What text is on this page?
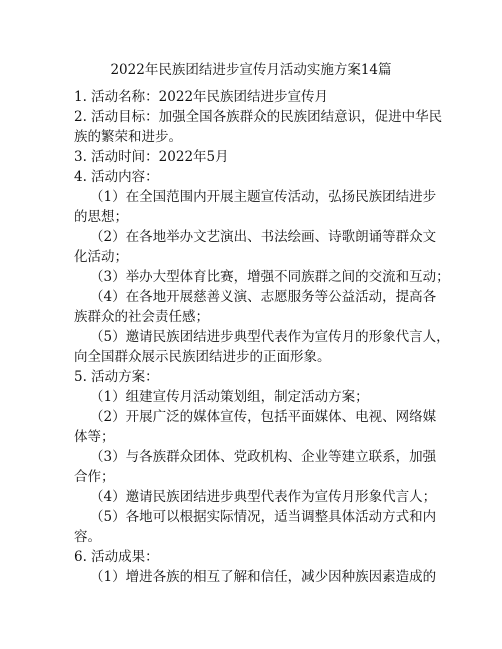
2022年民族团结进步宣传月活动实施方案14篇
1. 活动名称：2022年民族团结进步宣传月
2. 活动目标：加强全国各族群众的民族团结意识，促进中华民
族的繁荣和进步。
3. 活动时间：2022年5月
4. 活动内容：
（1）在全国范围内开展主题宣传活动，弘扬民族团结进步
的思想；
（2）在各地举办文艺演出、书法绘画、诗歌朗诵等群众文
化活动；
（3）举办大型体育比赛，增强不同族群之间的交流和互动；
（4）在各地开展慈善义演、志愿服务等公益活动，提高各
族群众的社会责任感；
（5）邀请民族团结进步典型代表作为宣传月的形象代言人，
向全国群众展示民族团结进步的正面形象。
5. 活动方案：
（1）组建宣传月活动策划组，制定活动方案；
（2）开展广泛的媒体宣传，包括平面媒体、电视、网络媒
体等；
（3）与各族群众团体、党政机构、企业等建立联系，加强
合作；
（4）邀请民族团结进步典型代表作为宣传月形象代言人；
（5）各地可以根据实际情况，适当调整具体活动方式和内
容。
6. 活动成果：
（1）增进各族的相互了解和信任，减少因种族因素造成的
